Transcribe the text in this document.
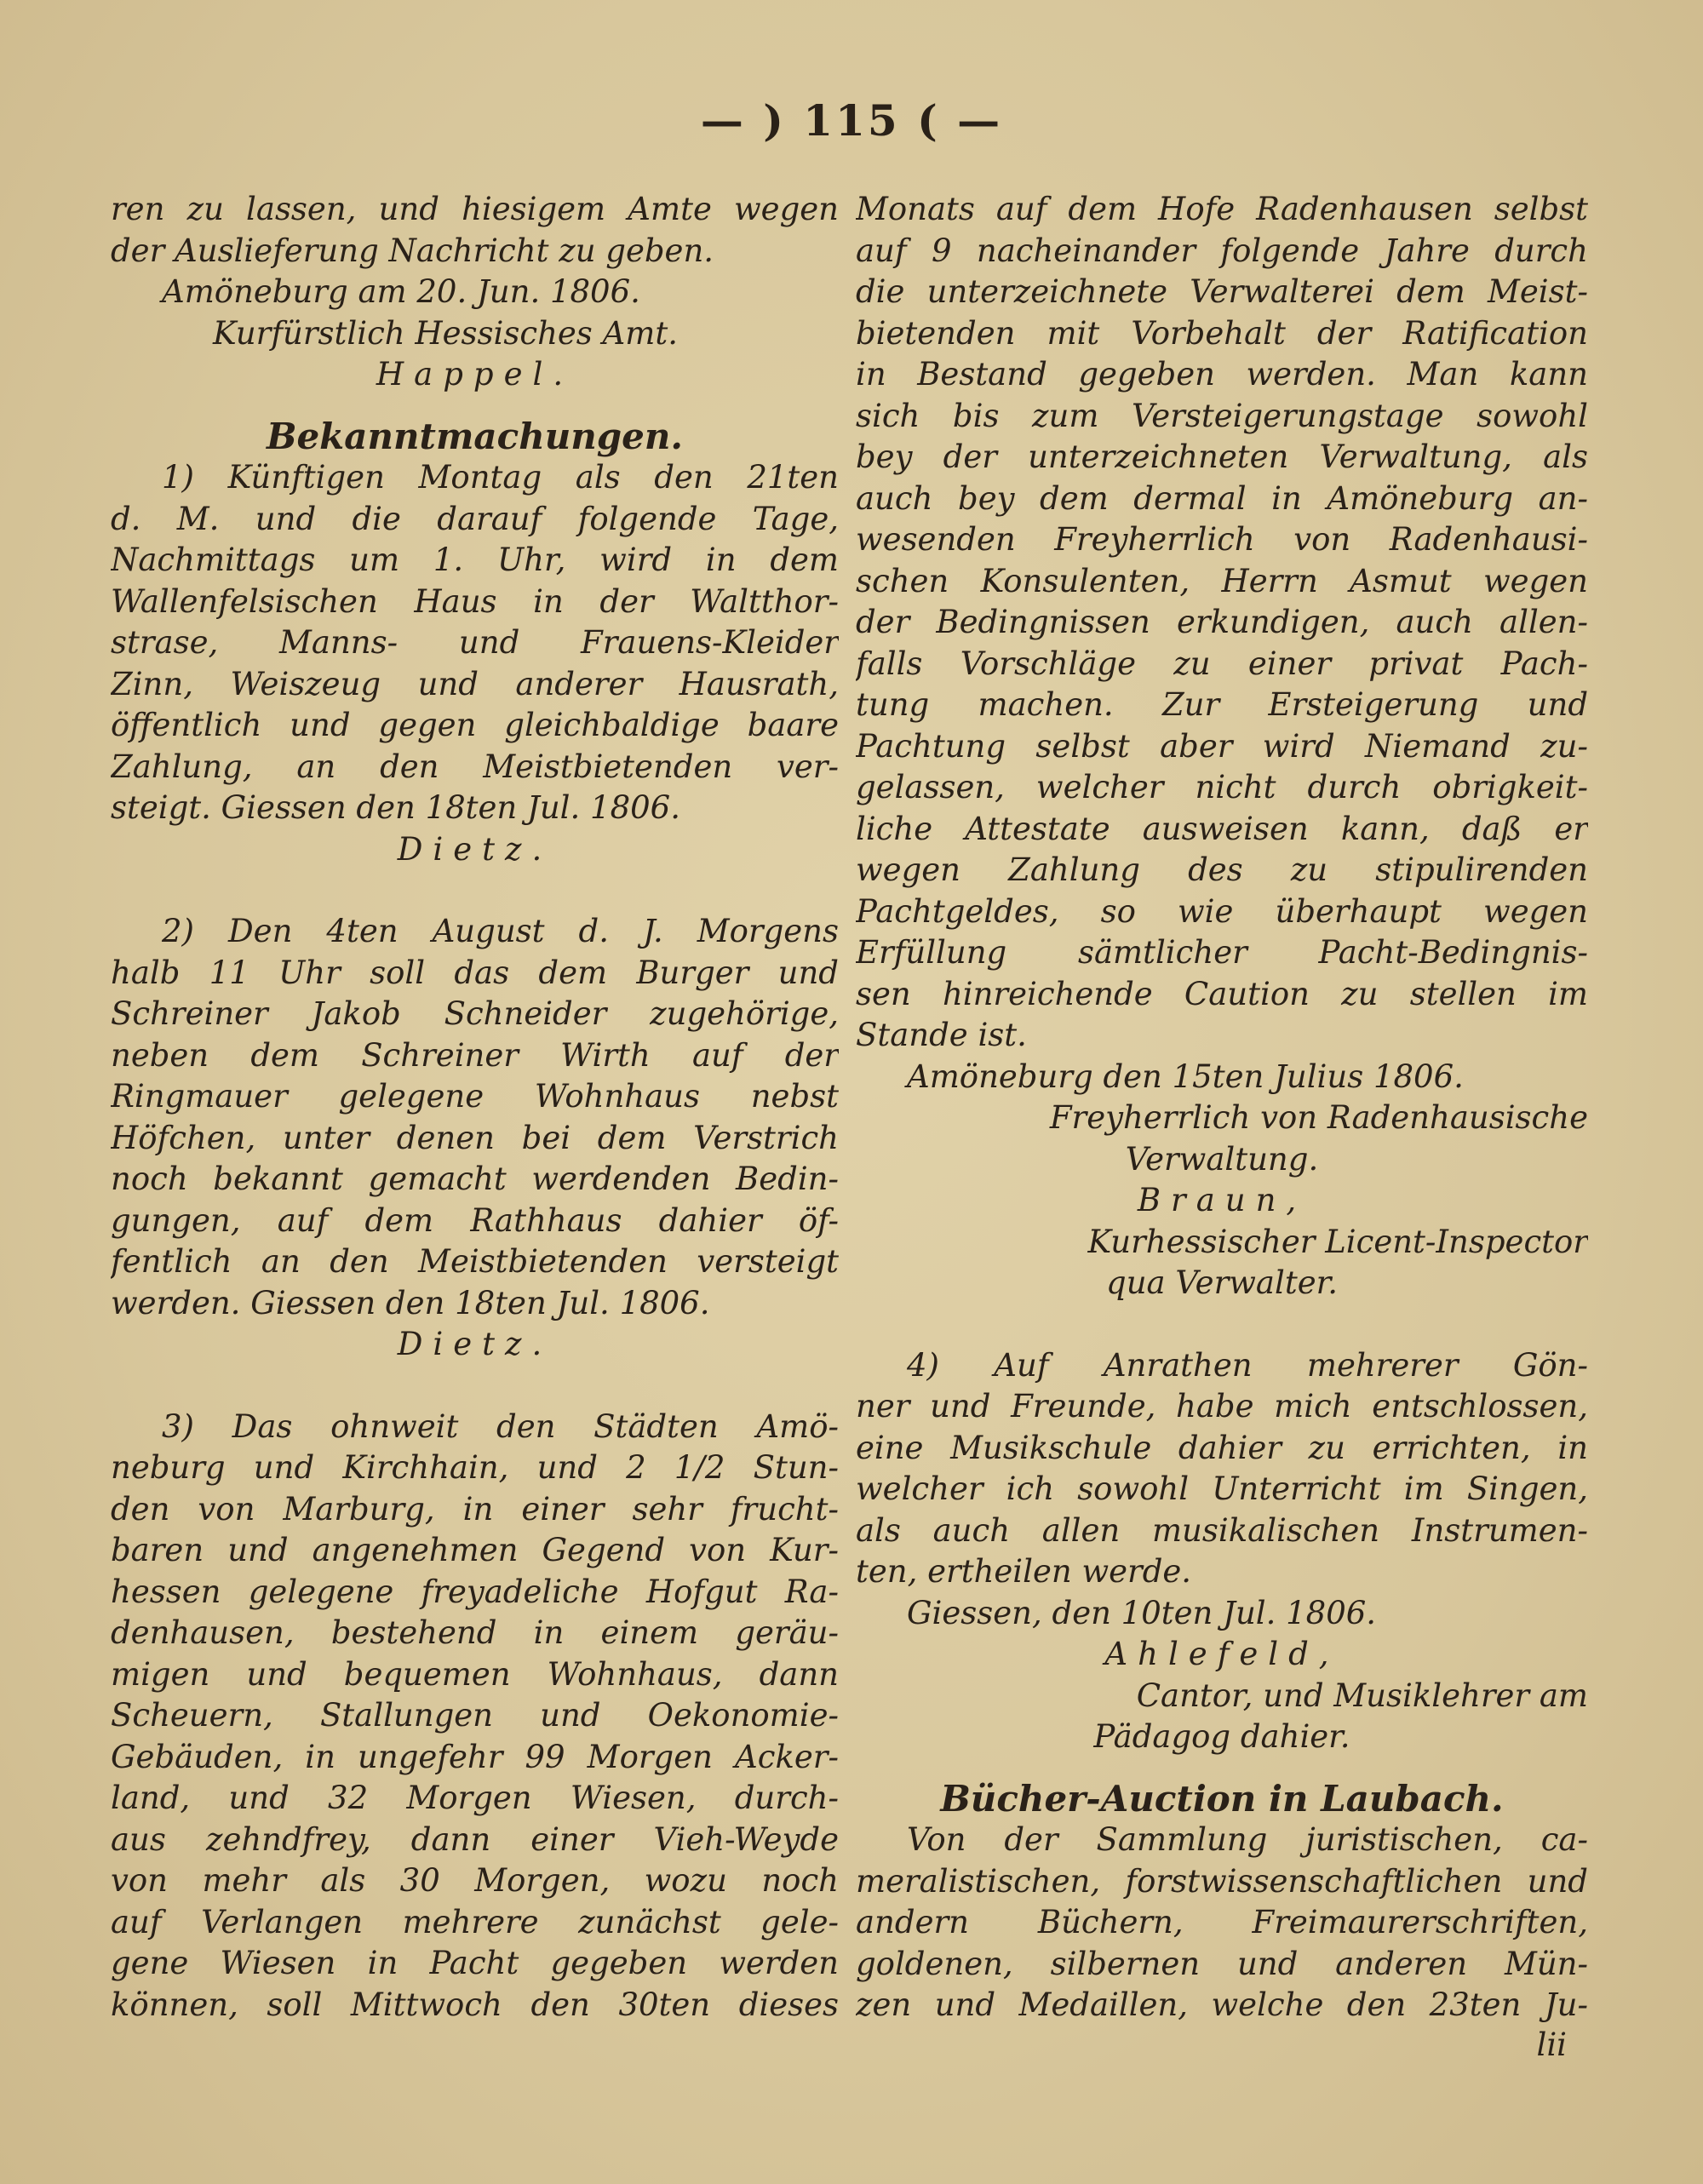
— ) 115 ( —
ren zu lassen, und hiesigem Amte wegen
der Auslieferung Nachricht zu geben.
Amöneburg am 20. Jun. 1806.
Kurfürstlich Hessisches Amt.
Happel.
Bekanntmachungen.
1) Künftigen Montag als den 21ten
d. M. und die darauf folgende Tage,
Nachmittags um 1. Uhr, wird in dem
Wallenfelsischen Haus in der Waltthor-
strase, Manns- und Frauens-Kleider
Zinn, Weiszeug und anderer Hausrath,
öffentlich und gegen gleichbaldige baare
Zahlung, an den Meistbietenden ver-
steigt. Giessen den 18ten Jul. 1806.
Dietz.
2) Den 4ten August d. J. Morgens
halb 11 Uhr soll das dem Burger und
Schreiner Jakob Schneider zugehörige,
neben dem Schreiner Wirth auf der
Ringmauer gelegene Wohnhaus nebst
Höfchen, unter denen bei dem Verstrich
noch bekannt gemacht werdenden Bedin-
gungen, auf dem Rathhaus dahier öf-
fentlich an den Meistbietenden versteigt
werden. Giessen den 18ten Jul. 1806.
Dietz.
3) Das ohnweit den Städten Amö-
neburg und Kirchhain, und 2 1/2 Stun-
den von Marburg, in einer sehr frucht-
baren und angenehmen Gegend von Kur-
hessen gelegene freyadeliche Hofgut Ra-
denhausen, bestehend in einem geräu-
migen und bequemen Wohnhaus, dann
Scheuern, Stallungen und Oekonomie-
Gebäuden, in ungefehr 99 Morgen Acker-
land, und 32 Morgen Wiesen, durch-
aus zehndfrey, dann einer Vieh-Weyde
von mehr als 30 Morgen, wozu noch
auf Verlangen mehrere zunächst gele-
gene Wiesen in Pacht gegeben werden
können, soll Mittwoch den 30ten dieses
Monats auf dem Hofe Radenhausen selbst
auf 9 nacheinander folgende Jahre durch
die unterzeichnete Verwalterei dem Meist-
bietenden mit Vorbehalt der Ratification
in Bestand gegeben werden. Man kann
sich bis zum Versteigerungstage sowohl
bey der unterzeichneten Verwaltung, als
auch bey dem dermal in Amöneburg an-
wesenden Freyherrlich von Radenhausi-
schen Konsulenten, Herrn Asmut wegen
der Bedingnissen erkundigen, auch allen-
falls Vorschläge zu einer privat Pach-
tung machen. Zur Ersteigerung und
Pachtung selbst aber wird Niemand zu-
gelassen, welcher nicht durch obrigkeit-
liche Attestate ausweisen kann, daß er
wegen Zahlung des zu stipulirenden
Pachtgeldes, so wie überhaupt wegen
Erfüllung sämtlicher Pacht-Bedingnis-
sen hinreichende Caution zu stellen im
Stande ist.
Amöneburg den 15ten Julius 1806.
Freyherrlich von Radenhausische
Verwaltung.
Braun,
Kurhessischer Licent-Inspector
qua Verwalter.
4) Auf Anrathen mehrerer Gön-
ner und Freunde, habe mich entschlossen,
eine Musikschule dahier zu errichten, in
welcher ich sowohl Unterricht im Singen,
als auch allen musikalischen Instrumen-
ten, ertheilen werde.
Giessen, den 10ten Jul. 1806.
Ahlefeld,
Cantor, und Musiklehrer am
Pädagog dahier.
Bücher-Auction in Laubach.
Von der Sammlung juristischen, ca-
meralistischen, forstwissenschaftlichen und
andern Büchern, Freimaurerschriften,
goldenen, silbernen und anderen Mün-
zen und Medaillen, welche den 23ten Ju-
lii
